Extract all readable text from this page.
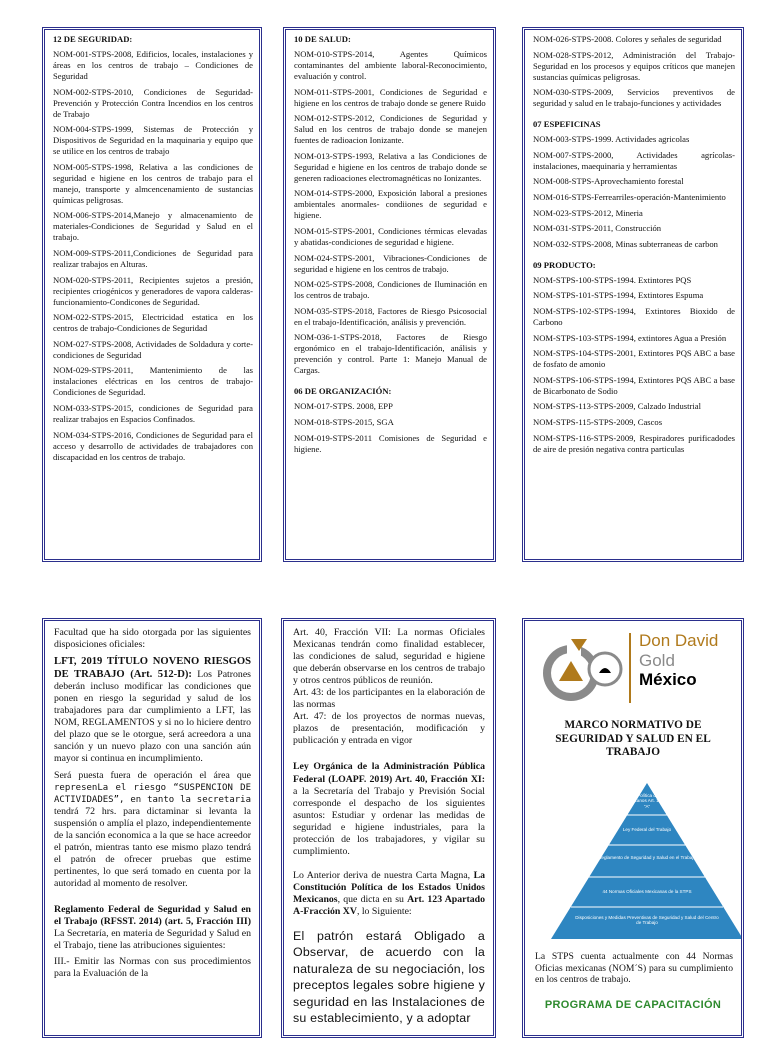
12 DE SEGURIDAD:

NOM-001-STPS-2008, Edificios, locales, instalaciones y áreas en los centros de trabajo – Condiciones de Seguridad

NOM-002-STPS-2010, Condiciones de Seguridad-Prevención y Protección Contra Incendios en los centros de Trabajo

NOM-004-STPS-1999, Sistemas de Protección y Dispositivos de Seguridad en la maquinaria y equipo que se utilice en los centros de trabajo

NOM-005-STPS-1998, Relativa a las condiciones de seguridad e higiene en los centros de trabajo para el manejo, transporte y almcencenamiento de sustancias químicas peligrosas.

NOM-006-STPS-2014,Manejo y almacenamiento de materiales-Condiciones de Seguridad y Salud en el trabajo.

NOM-009-STPS-2011,Condiciones de Seguridad para realizar trabajos en Alturas.

NOM-020-STPS-2011, Recipientes sujetos a presión, recipientes criogénicos y generadores de vapora calderas- funcionamiento-Condicones de Seguridad.

NOM-022-STPS-2015, Electricidad estatica en los centros de trabajo-Condiciones de Seguridad

NOM-027-STPS-2008, Actividades de Soldadura y corte- condiciones de Seguridad

NOM-029-STPS-2011, Mantenimiento de las instalaciones eléctricas en los centros de trabajo- Condiciones de Seguridad.

NOM-033-STPS-2015, condiciones de Seguridad para realizar trabajos en Espacios Confinados.

NOM-034-STPS-2016, Condiciones de Seguridad para el acceso y desarrollo de actividades de trabajadores con discapacidad en los centros de trabajo.

10 DE SALUD:

NOM-010-STPS-2014, Agentes Químicos contaminantes del ambiente laboral-Reconocimiento, evaluación y control.

NOM-011-STPS-2001, Condiciones de Seguridad e higiene en los centros de trabajo donde se genere Ruido

NOM-012-STPS-2012, Condiciones de Seguridad y Salud en los centros de trabajo donde se manejen fuentes de radioacion Ionizante.

NOM-013-STPS-1993, Relativa a las Condiciones de Seguridad e higiene en los centros de trabajo donde se generen radioaciones electromagnéticas no Ionizantes.

NOM-014-STPS-2000, Exposición laboral a presiones ambientales anormales- condiiones de seguridad e higiene.

NOM-015-STPS-2001, Condiciones térmicas elevadas y abatidas-condiciones de seguridad e higiene.

NOM-024-STPS-2001, Vibraciones-Condiciones de seguridad e higiene en los centros de trabajo.

NOM-025-STPS-2008, Condiciones de Iluminación en los centros de trabajo.

NOM-035-STPS-2018, Factores de Riesgo Psicosocial en el trabajo-Identificación, análisis y prevención.

NOM-036-1-STPS-2018, Factores de Riesgo ergonómico en el trabajo-Identificación, análisis y prevención y control. Parte 1: Manejo Manual de Cargas.

06 DE ORGANIZACIÓN:

NOM-017-STPS. 2008, EPP

NOM-018-STPS-2015, SGA

NOM-019-STPS-2011 Comisiones de Seguridad e higiene.

NOM-026-STPS-2008. Colores y señales de seguridad

NOM-028-STPS-2012, Administración del Trabajo-Seguridad en los procesos y equipos críticos que manejen sustancias químicas peligrosas.

NOM-030-STPS-2009, Servicios preventivos de seguridad y salud en le trabajo-funciones y actividades

07 ESPEFICINAS

NOM-003-STPS-1999. Actividades agricolas

NOM-007-STPS-2000, Actividades agrícolas-instalaciones, maequinaria y herramientas

NOM-008-STPS-Aprovechamiento forestal

NOM-016-STPS-Ferrearriles-operación-Mantenimiento

NOM-023-STPS-2012, Mineria

NOM-031-STPS-2011, Construcción

NOM-032-STPS-2008, Minas subterraneas de carbon

09 PRODUCTO:

NOM-STPS-100-STPS-1994. Extintores PQS

NOM-STPS-101-STPS-1994, Extintores Espuma

NOM-STPS-102-STPS-1994, Extintores Bioxido de Carbono

NOM-STPS-103-STPS-1994, extintores Agua a Presión

NOM-STPS-104-STPS-2001, Extintores PQS ABC a base de fosfato de amonio

NOM-STPS-106-STPS-1994, Extintores PQS ABC a base de Bicarbonato de Sodio

NOM-STPS-113-STPS-2009, Calzado Industrial

NOM-STPS-115-STPS-2009, Cascos

NOM-STPS-116-STPS-2009, Respiradores purificadodes de aire de presión negativa contra particulas

Facultad que ha sido otorgada por las siguientes disposiciones oficiales:

LFT, 2019 TÍTULO NOVENO RIESGOS DE TRABAJO (Art. 512-D): Los Patrones deberán incluso modificar las condiciones que ponen en riesgo la seguridad y salud de los trabajadores para dar cumplimiento a LFT, las NOM, REGLAMENTOS y si no lo hiciere dentro del plazo que se le otorgue, será acreedora a una sanción y un nuevo plazo con una sanción aún mayor si continua en incumplimiento.

Será puesta fuera de operación el área que represenLa el riesgo “SUSPENCION DE ACTIVIDADES”, en tanto la secretaria tendrá 72 hrs. para dictaminar si levanta la suspensión o amplía el plazo, independientemente de la sanción economica a la que se hace acreedor el patrón, mientras tanto ese mismo plazo tendrá el patrón de ofrecer pruebas que estime pertinentes, lo que será tomado en cuenta por la autoridad al momento de resolver.

Reglamento Federal de Seguridad y Salud en el Trabajo (RFSST. 2014) (art. 5, Fracción III) La Secretaría, en materia de Seguridad y Salud en el Trabajo, tiene las atribuciones siguientes:

III.- Emitir las Normas con sus procedimientos para la Evaluación de la

Art. 40, Fracción VII: La normas Oficiales Mexicanas tendrán como finalidad establecer, las condiciones de salud, seguridad e higiene que deberán observarse en los centros de trabajo y otros centros públicos de reunión.

Art. 43: de los participantes en la elaboración de las normas

Art. 47: de los proyectos de normas nuevas, plazos de presentación, modificación y publicación y entrada en vigor

Ley Orgánica de la Administración Pública Federal (LOAPF. 2019) Art. 40, Fracción XI: a la Secretaría del Trabajo y Previsión Social corresponde el despacho de los siguientes asuntos: Estudiar y ordenar las medidas de seguridad e higiene industriales, para la protección de los trabajadores, y vigilar su cumplimiento.

Lo Anterior deriva de nuestra Carta Magna, La Constitución Política de los Estados Unidos Mexicanos, que dicta en su Art. 123 Apartado A-Fracción XV, lo Siguiente:

El patrón estará Obligado a Observar, de acuerdo con la naturaleza de su negociación, los preceptos legales sobre higiene y seguridad en las Instalaciones de su establecimiento, y a adoptar

Don David
Gold
México
MARCO NORMATIVO DE SEGURIDAD Y SALUD EN EL TRABAJO
Constitución Política de los Estados Unidos Mexicanos Art. 123, Apartado "A"
Ley Federal del Trabajo
Reglamento de Seguridad y Salud en el Trabajo
44 Normas Oficiales Mexicanas de la STPS
Disposiciones y Medidas Preventivas de Seguridad y Salud del Centro de Trabajo
La STPS cuenta actualmente con 44 Normas Oficias mexicanas (NOM´S) para su cumplimiento en los centros de trabajo.
PROGRAMA DE CAPACITACIÓN
